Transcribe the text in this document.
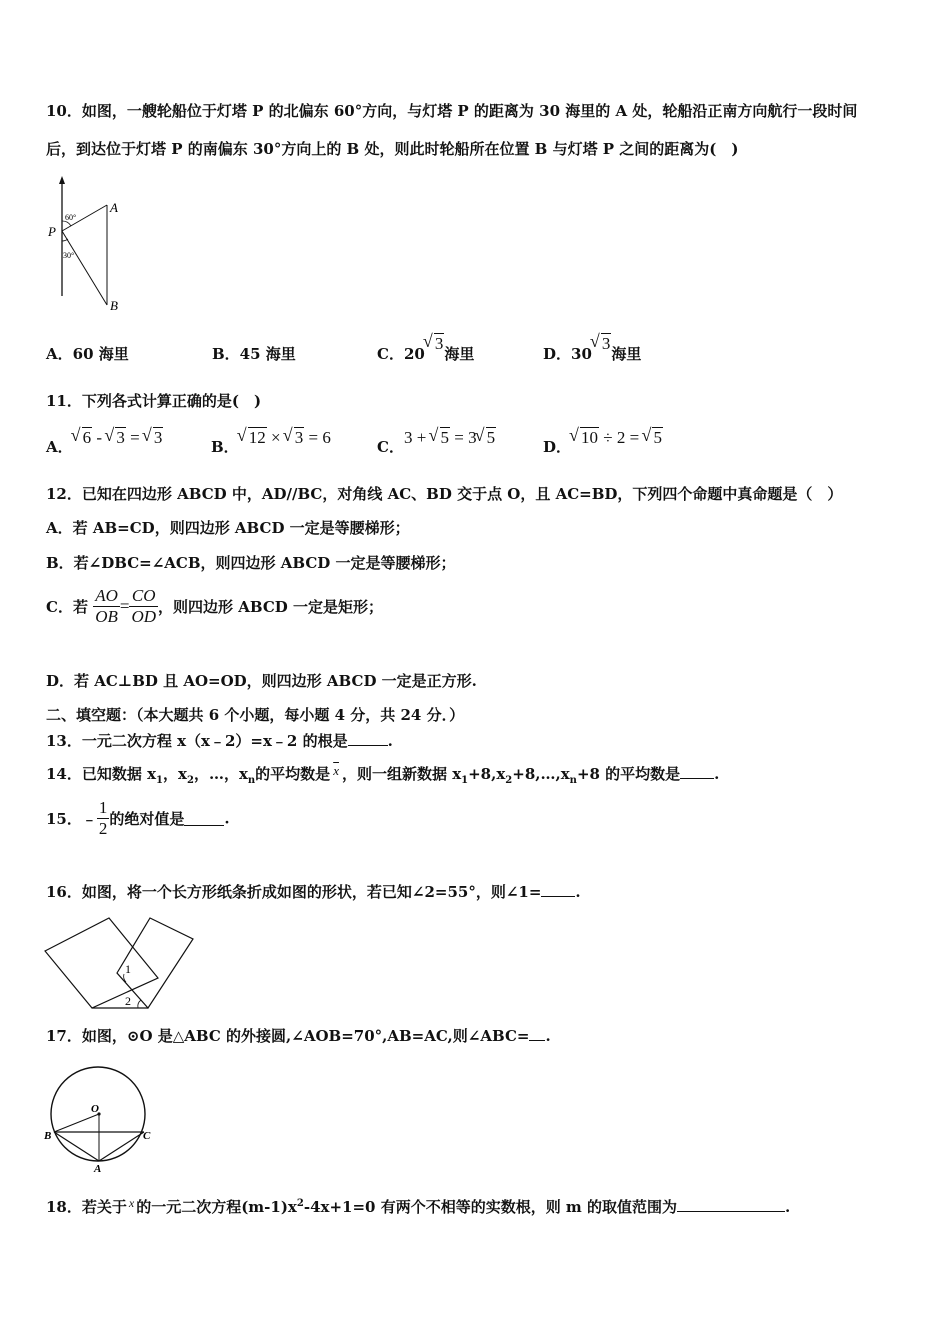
10．如图，一艘轮船位于灯塔 P 的北偏东 60°方向，与灯塔 P 的距离为 30 海里的 A 处，轮船沿正南方向航行一段时间
后，到达位于灯塔 P 的南偏东 30°方向上的 B 处，则此时轮船所在位置 B 与灯塔 P 之间的距离为(　)
P
A
B
60°
30°
A．60 海里	B．45 海里	C．20√ 3海里	D．30√ 3海里
11．下列各式计算正确的是(　)
A． √ 6 - √ 3 = √ 3	B． √ 12 × √ 3 = 6	C．3 + √ 5 = 3 √ 5	D． √ 10 ÷ 2 = √ 5
12．已知在四边形 ABCD 中，AD//BC，对角线 AC、BD 交于点 O，且 AC=BD，下列四个命题中真命题是（　）
A．若 AB=CD，则四边形 ABCD 一定是等腰梯形；
B．若∠DBC=∠ACB，则四边形 ABCD 一定是等腰梯形；
C．若 $\frac{AO}{OB} = \frac{CO}{OD}$ ，则四边形 ABCD 一定是矩形；
D．若 AC⊥BD 且 AO=OD，则四边形 ABCD 一定是正方形.
二、填空题：（本大题共 6 个小题，每小题 4 分，共 24 分．）
13．一元二次方程 x（x﹣2）=x﹣2 的根是	.
14．已知数据 $x_1$，$x_2$，…，$x_n$的平均数是 $\overline{x}$ ，则一组新数据 $x_1+8,x_2+8,\dots,x_n+8$ 的平均数是 .
15．﹣ $\frac{1}{2}$ 的绝对值是	.
16．如图，将一个长方形纸条折成如图的形状，若已知∠2=55°，则∠1= .
1
2
17．如图，⊙O 是△ABC 的外接圆,∠AOB=70°,AB=AC,则∠ABC= .
O
B	C
A
18．若关于 $^x$ 的一元二次方程$(m-1)x^2-4x+1=0$ 有两个不相等的实数根，则 m 的取值范围为	.
